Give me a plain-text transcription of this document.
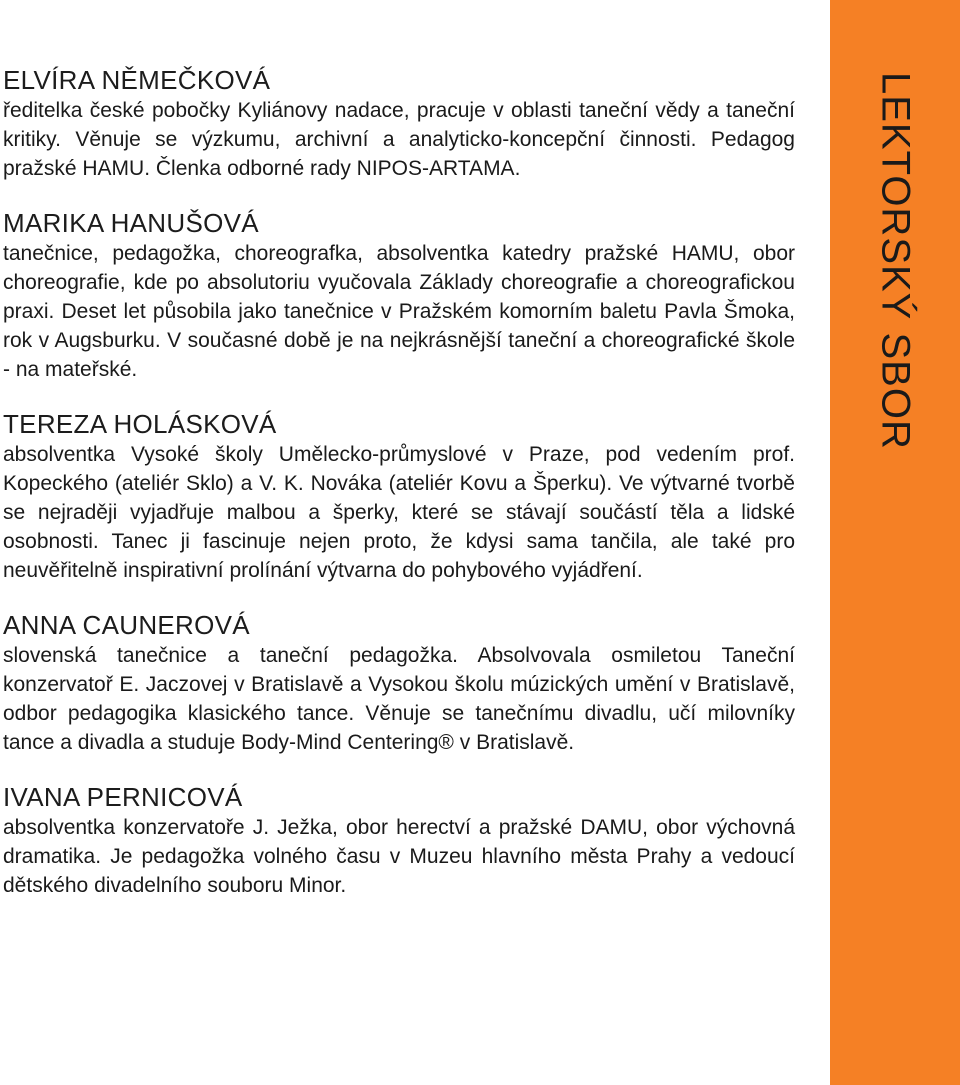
ELVÍRA NĚMEČKOVÁ

ředitelka české pobočky Kyliánovy nadace, pracuje v oblasti taneční vědy a taneční kritiky. Věnuje se výzkumu, archivní a analyticko-koncepční činnosti. Pedagog pražské HAMU. Členka odborné rady NIPOS-ARTAMA.

MARIKA HANUŠOVÁ

tanečnice, pedagožka, choreografka, absolventka katedry pražské HAMU, obor choreografie, kde po absolutoriu vyučovala Základy choreografie a choreografickou praxi. Deset let působila jako tanečnice v Pražském komorním baletu Pavla Šmoka, rok v Augsburku. V současné době je na nejkrásnější taneční a choreografické škole - na mateřské.

TEREZA HOLÁSKOVÁ

absolventka Vysoké školy Umělecko-průmyslové v Praze, pod vedením prof. Kopeckého (ateliér Sklo) a V. K. Nováka (ateliér Kovu a Šperku). Ve výtvarné tvorbě se nejraději vyjadřuje malbou a šperky, které se stávají součástí těla a lidské osobnosti. Tanec ji fascinuje nejen proto, že kdysi sama tančila, ale také pro neuvěřitelně inspirativní prolínání výtvarna do pohybového vyjádření.

ANNA CAUNEROVÁ

slovenská tanečnice a taneční pedagožka. Absolvovala osmiletou Taneční konzervatoř E. Jaczovej v Bratislavě a Vysokou školu múzických umění v Bratislavě, odbor pedagogika klasického tance. Věnuje se tanečnímu divadlu, učí milovníky tance a divadla a studuje Body-Mind Centering® v Bratislavě.

IVANA PERNICOVÁ

absolventka konzervatoře J. Ježka, obor herectví a pražské DAMU, obor výchovná dramatika. Je pedagožka volného času v Muzeu hlavního města Prahy a vedoucí dětského divadelního souboru Minor.

LEKTORSKÝ SBOR
